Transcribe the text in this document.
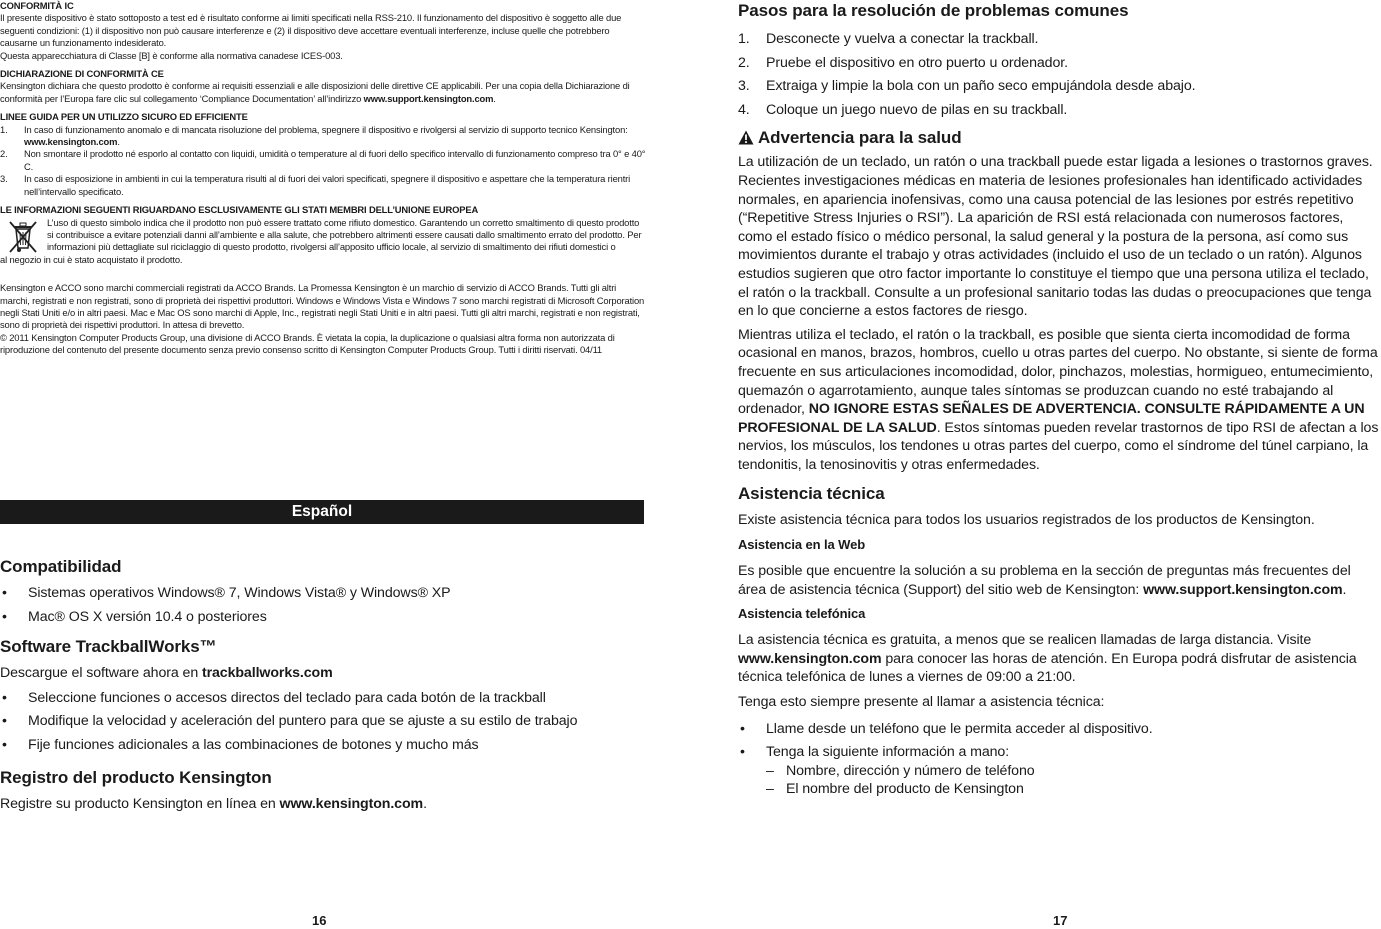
CONFORMITÀ IC

Il presente dispositivo è stato sottoposto a test ed è risultato conforme ai limiti specificati nella RSS-210. Il funzionamento del dispositivo è soggetto alle due seguenti condizioni: (1) il dispositivo non può causare interferenze e (2) il dispositivo deve accettare eventuali interferenze, incluse quelle che potrebbero causarne un funzionamento indesiderato.

Questa apparecchiatura di Classe [B] è conforme alla normativa canadese ICES-003.

DICHIARAZIONE DI CONFORMITÀ CE

Kensington dichiara che questo prodotto è conforme ai requisiti essenziali e alle disposizioni delle direttive CE applicabili. Per una copia della Dichiarazione di conformità per l’Europa fare clic sul collegamento ‘Compliance Documentation’ all’indirizzo www.support.kensington.com.

LINEE GUIDA PER UN UTILIZZO SICURO ED EFFICIENTE

1. In caso di funzionamento anomalo e di mancata risoluzione del problema, spegnere il dispositivo e rivolgersi al servizio di supporto tecnico Kensington: www.kensington.com.
2. Non smontare il prodotto né esporlo al contatto con liquidi, umidità o temperature al di fuori dello specifico intervallo di funzionamento compreso tra 0° e 40° C.
3. In caso di esposizione in ambienti in cui la temperatura risulti al di fuori dei valori specificati, spegnere il dispositivo e aspettare che la temperatura rientri nell’intervallo specificato.

LE INFORMAZIONI SEGUENTI RIGUARDANO ESCLUSIVAMENTE GLI STATI MEMBRI DELL’UNIONE EUROPEA

L’uso di questo simbolo indica che il prodotto non può essere trattato come rifiuto domestico. Garantendo un corretto smaltimento di questo prodotto si contribuisce a evitare potenziali danni all’ambiente e alla salute, che potrebbero altrimenti essere causati dallo smaltimento errato del prodotto. Per informazioni più dettagliate sul riciclaggio di questo prodotto, rivolgersi all’apposito ufficio locale, al servizio di smaltimento dei rifiuti domestici o

al negozio in cui è stato acquistato il prodotto.

Kensington e ACCO sono marchi commerciali registrati da ACCO Brands. La Promessa Kensington è un marchio di servizio di ACCO Brands. Tutti gli altri marchi, registrati e non registrati, sono di proprietà dei rispettivi produttori. Windows e Windows Vista e Windows 7 sono marchi registrati di Microsoft Corporation negli Stati Uniti e/o in altri paesi. Mac e Mac OS sono marchi di Apple, Inc., registrati negli Stati Uniti e in altri paesi. Tutti gli altri marchi, registrati e non registrati, sono di proprietà dei rispettivi produttori. In attesa di brevetto.

© 2011 Kensington Computer Products Group, una divisione di ACCO Brands. È vietata la copia, la duplicazione o qualsiasi altra forma non autorizzata di riproduzione del contenuto del presente documento senza previo consenso scritto di Kensington Computer Products Group. Tutti i diritti riservati. 04/11

Español

Compatibilidad

• Sistemas operativos Windows® 7, Windows Vista® y Windows® XP
• Mac® OS X versión 10.4 o posteriores

Software TrackballWorks™

Descargue el software ahora en trackballworks.com

• Seleccione funciones o accesos directos del teclado para cada botón de la trackball
• Modifique la velocidad y aceleración del puntero para que se ajuste a su estilo de trabajo
• Fije funciones adicionales a las combinaciones de botones y mucho más

Registro del producto Kensington

Registre su producto Kensington en línea en www.kensington.com.

16

Pasos para la resolución de problemas comunes

1. Desconecte y vuelva a conectar la trackball.
2. Pruebe el dispositivo en otro puerto u ordenador.
3. Extraiga y limpie la bola con un paño seco empujándola desde abajo.
4. Coloque un juego nuevo de pilas en su trackball.

Advertencia para la salud

La utilización de un teclado, un ratón o una trackball puede estar ligada a lesiones o trastornos graves. Recientes investigaciones médicas en materia de lesiones profesionales han identificado actividades normales, en apariencia inofensivas, como una causa potencial de las lesiones por estrés repetitivo (“Repetitive Stress Injuries o RSI”). La aparición de RSI está relacionada con numerosos factores, como el estado físico o médico personal, la salud general y la postura de la persona, así como sus movimientos durante el trabajo y otras actividades (incluido el uso de un teclado o un ratón). Algunos estudios sugieren que otro factor importante lo constituye el tiempo que una persona utiliza el teclado, el ratón o la trackball. Consulte a un profesional sanitario todas las dudas o preocupaciones que tenga en lo que concierne a estos factores de riesgo.

Mientras utiliza el teclado, el ratón o la trackball, es posible que sienta cierta incomodidad de forma ocasional en manos, brazos, hombros, cuello u otras partes del cuerpo. No obstante, si siente de forma frecuente en sus articulaciones incomodidad, dolor, pinchazos, molestias, hormigueo, entumecimiento, quemazón o agarrotamiento, aunque tales síntomas se produzcan cuando no esté trabajando al ordenador, NO IGNORE ESTAS SEÑALES DE ADVERTENCIA. CONSULTE RÁPIDAMENTE A UN PROFESIONAL DE LA SALUD. Estos síntomas pueden revelar trastornos de tipo RSI de afectan a los nervios, los músculos, los tendones u otras partes del cuerpo, como el síndrome del túnel carpiano, la tendonitis, la tenosinovitis y otras enfermedades.

Asistencia técnica

Existe asistencia técnica para todos los usuarios registrados de los productos de Kensington.

Asistencia en la Web

Es posible que encuentre la solución a su problema en la sección de preguntas más frecuentes del área de asistencia técnica (Support) del sitio web de Kensington: www.support.kensington.com.

Asistencia telefónica

La asistencia técnica es gratuita, a menos que se realicen llamadas de larga distancia. Visite www.kensington.com para conocer las horas de atención. En Europa podrá disfrutar de asistencia técnica telefónica de lunes a viernes de 09:00 a 21:00.

Tenga esto siempre presente al llamar a asistencia técnica:

• Llame desde un teléfono que le permita acceder al dispositivo.
• Tenga la siguiente información a mano:
– Nombre, dirección y número de teléfono
– El nombre del producto de Kensington
17
